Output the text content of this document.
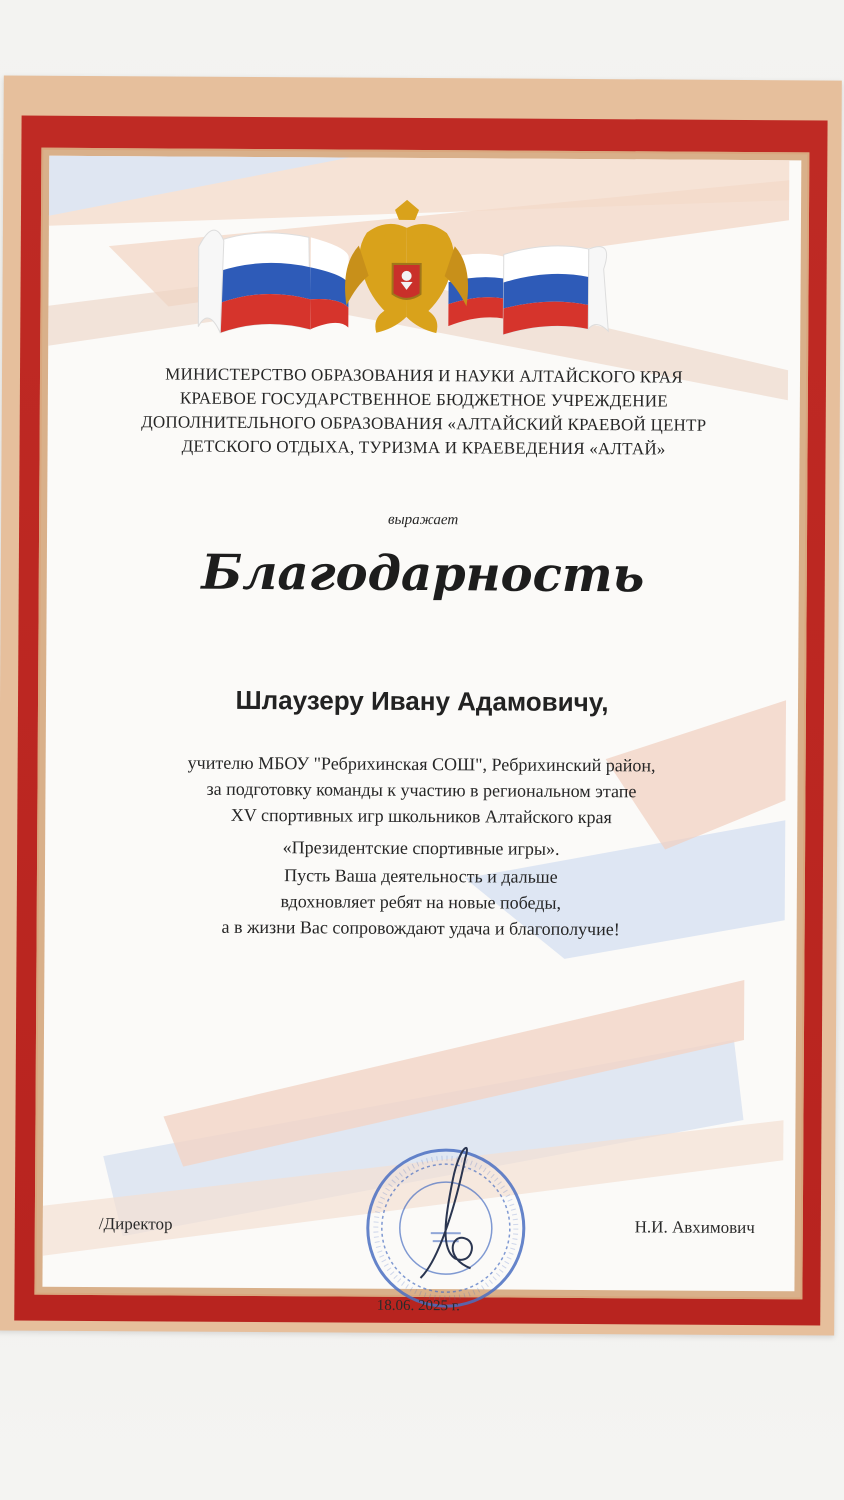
МИНИСТЕРСТВО ОБРАЗОВАНИЯ И НАУКИ АЛТАЙСКОГО КРАЯ
КРАЕВОЕ ГОСУДАРСТВЕННОЕ БЮДЖЕТНОЕ УЧРЕЖДЕНИЕ
ДОПОЛНИТЕЛЬНОГО ОБРАЗОВАНИЯ «АЛТАЙСКИЙ КРАЕВОЙ ЦЕНТР
ДЕТСКОГО ОТДЫХА, ТУРИЗМА И КРАЕВЕДЕНИЯ «АЛТАЙ»
выражает
Благодарность
Шлаузеру Ивану Адамовичу,
учителю МБОУ "Ребрихинская СОШ", Ребрихинский район,
за подготовку команды к участию в региональном этапе
XV спортивных игр школьников Алтайского края
«Президентские спортивные игры».
Пусть Ваша деятельность и дальше
вдохновляет ребят на новые победы,
а в жизни Вас сопровождают удача и благополучие!
/Директор	Н.И. Авхимович
18.06. 2025 г.
